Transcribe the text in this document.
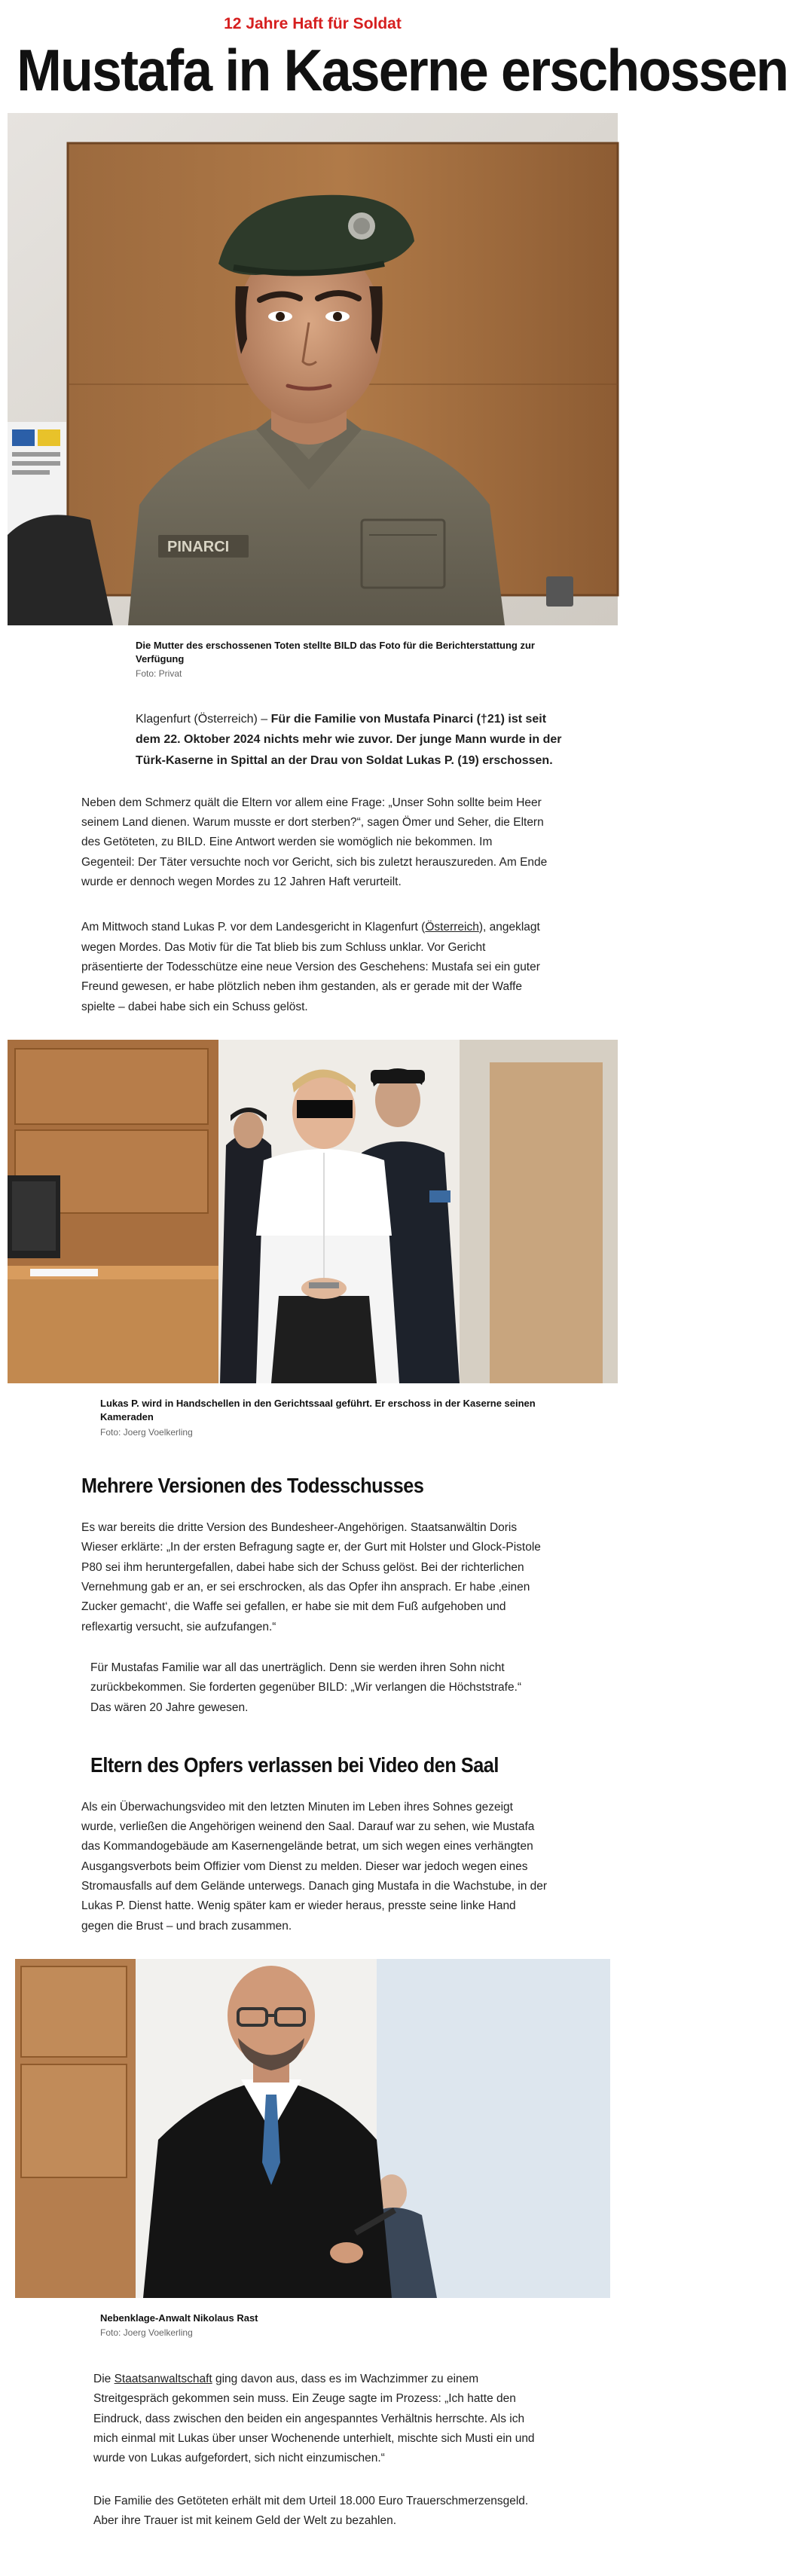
12 Jahre Haft für Soldat
Mustafa in Kaserne erschossen
PINARCI

Die Mutter des erschossenen Toten stellte BILD das Foto für die Berichterstattung zur Verfügung

Foto: Privat

Klagenfurt (Österreich) – Für die Familie von Mustafa Pinarci (†21) ist seit dem 22. Oktober 2024 nichts mehr wie zuvor. Der junge Mann wurde in der Türk-Kaserne in Spittal an der Drau von Soldat Lukas P. (19) erschossen.

Neben dem Schmerz quält die Eltern vor allem eine Frage: „Unser Sohn sollte beim Heer seinem Land dienen. Warum musste er dort sterben?“, sagen Ömer und Seher, die Eltern des Getöteten, zu BILD. Eine Antwort werden sie womöglich nie bekommen. Im Gegenteil: Der Täter versuchte noch vor Gericht, sich bis zuletzt herauszureden. Am Ende wurde er dennoch wegen Mordes zu 12 Jahren Haft verurteilt.

Am Mittwoch stand Lukas P. vor dem Landesgericht in Klagenfurt (Österreich), angeklagt wegen Mordes. Das Motiv für die Tat blieb bis zum Schluss unklar. Vor Gericht präsentierte der Todesschütze eine neue Version des Geschehens: Mustafa sei ein guter Freund gewesen, er habe plötzlich neben ihm gestanden, als er gerade mit der Waffe spielte – dabei habe sich ein Schuss gelöst.

Lukas P. wird in Handschellen in den Gerichtssaal geführt. Er erschoss in der Kaserne seinen Kameraden

Foto: Joerg Voelkerling

Mehrere Versionen des Todesschusses

Es war bereits die dritte Version des Bundesheer-Angehörigen. Staatsanwältin Doris Wieser erklärte: „In der ersten Befragung sagte er, der Gurt mit Holster und Glock-Pistole P80 sei ihm heruntergefallen, dabei habe sich der Schuss gelöst. Bei der richterlichen Vernehmung gab er an, er sei erschrocken, als das Opfer ihn ansprach. Er habe ‚einen Zucker gemacht‘, die Waffe sei gefallen, er habe sie mit dem Fuß aufgehoben und reflexartig versucht, sie aufzufangen.“

Für Mustafas Familie war all das unerträglich. Denn sie werden ihren Sohn nicht zurückbekommen. Sie forderten gegenüber BILD: „Wir verlangen die Höchststrafe.“ Das wären 20 Jahre gewesen.

Eltern des Opfers verlassen bei Video den Saal

Als ein Überwachungsvideo mit den letzten Minuten im Leben ihres Sohnes gezeigt wurde, verließen die Angehörigen weinend den Saal. Darauf war zu sehen, wie Mustafa das Kommandogebäude am Kasernengelände betrat, um sich wegen eines verhängten Ausgangsverbots beim Offizier vom Dienst zu melden. Dieser war jedoch wegen eines Stromausfalls auf dem Gelände unterwegs. Danach ging Mustafa in die Wachstube, in der Lukas P. Dienst hatte. Wenig später kam er wieder heraus, presste seine linke Hand gegen die Brust – und brach zusammen.

Nebenklage-Anwalt Nikolaus Rast

Foto: Joerg Voelkerling

Die Staatsanwaltschaft ging davon aus, dass es im Wachzimmer zu einem Streitgespräch gekommen sein muss. Ein Zeuge sagte im Prozess: „Ich hatte den Eindruck, dass zwischen den beiden ein angespanntes Verhältnis herrschte. Als ich mich einmal mit Lukas über unser Wochenende unterhielt, mischte sich Musti ein und wurde von Lukas aufgefordert, sich nicht einzumischen.“

Die Familie des Getöteten erhält mit dem Urteil 18.000 Euro Trauerschmerzensgeld. Aber ihre Trauer ist mit keinem Geld der Welt zu bezahlen.
